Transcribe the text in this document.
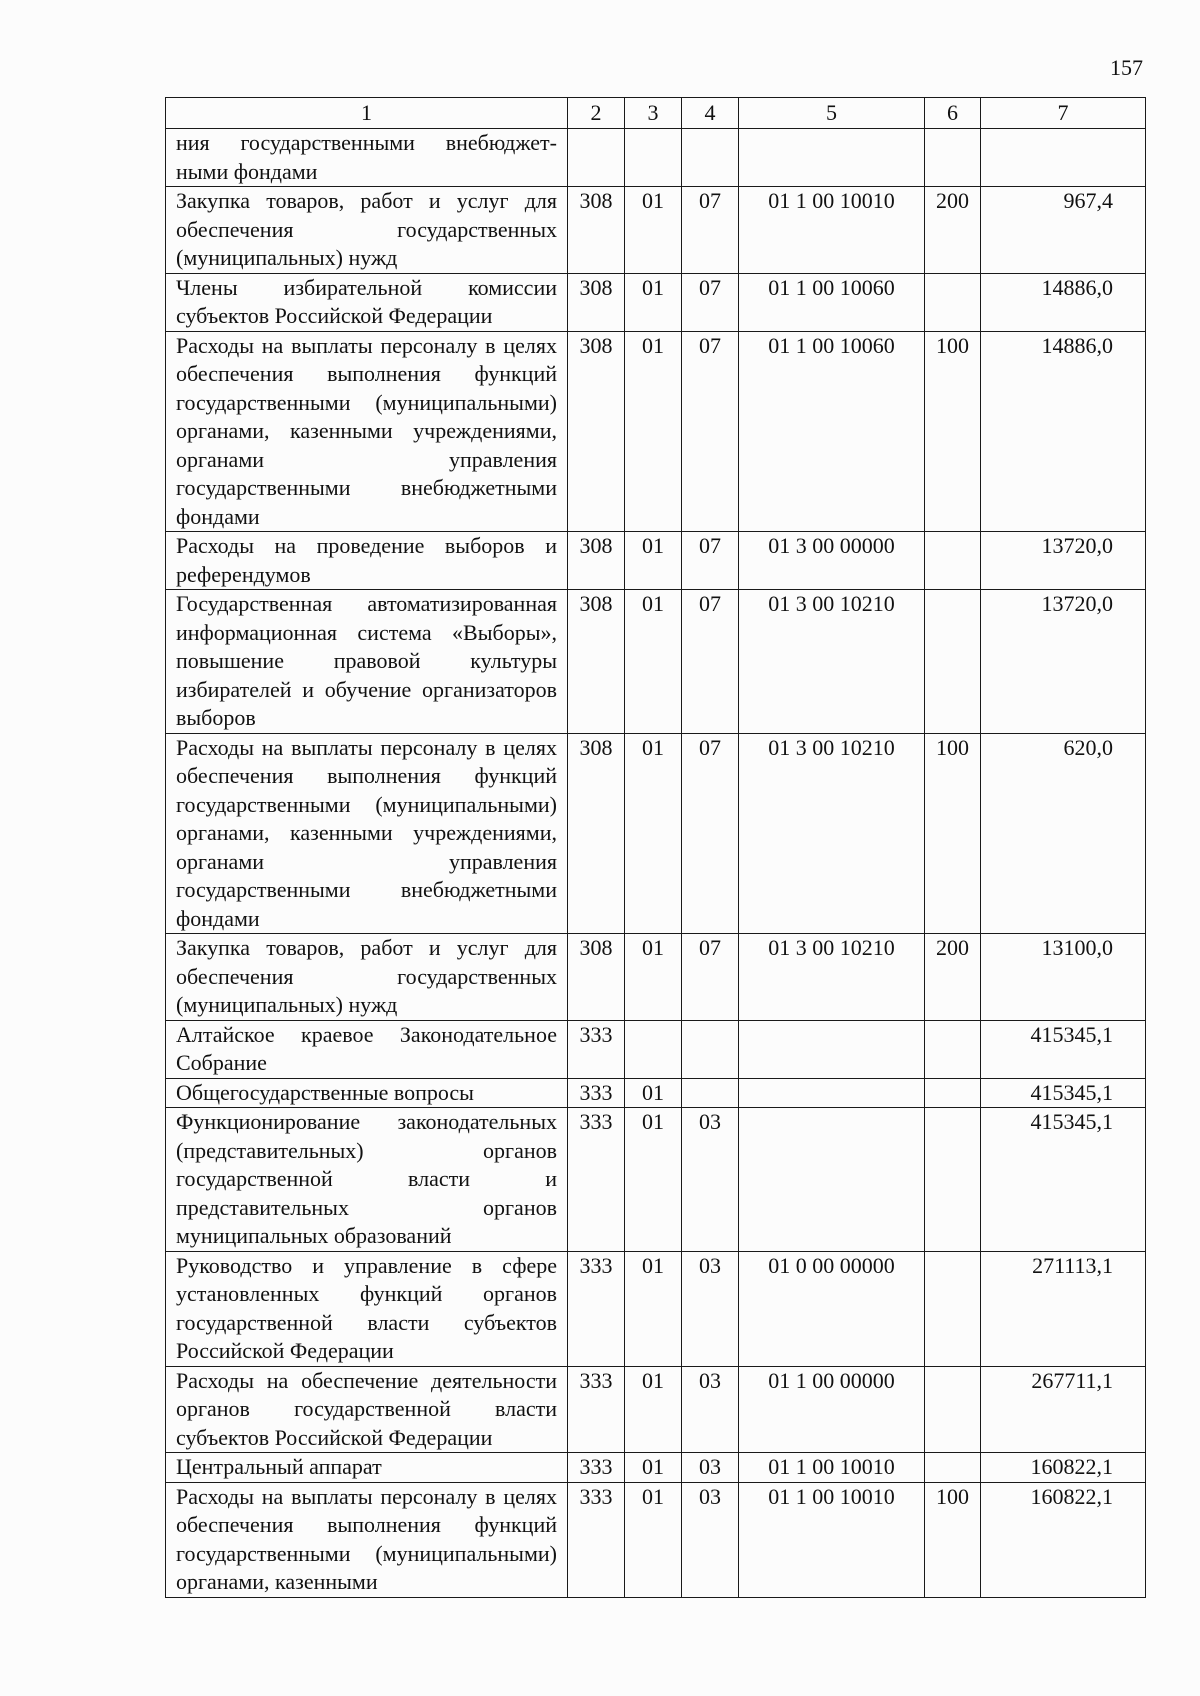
157
1	2	3	4	5	6	7
ния государственными внебюджет-ными фондами						
Закупка товаров, работ и услуг для обеспечения государственных (муниципальных) нужд	308	01	07	01 1 00 10010	200	967,4
Члены избирательной комиссии субъектов Российской Федерации	308	01	07	01 1 00 10060		14886,0
Расходы на выплаты персоналу в целях обеспечения выполнения функций государственными (муниципальными) органами, казенными учреждениями, органами управления государственными внебюджетными фондами	308	01	07	01 1 00 10060	100	14886,0
Расходы на проведение выборов и референдумов	308	01	07	01 3 00 00000		13720,0
Государственная автоматизированная информационная система «Выборы», повышение правовой культуры избирателей и обучение организаторов выборов	308	01	07	01 3 00 10210		13720,0
Расходы на выплаты персоналу в целях обеспечения выполнения функций государственными (муниципальными) органами, казенными учреждениями, органами управления государственными внебюджетными фондами	308	01	07	01 3 00 10210	100	620,0
Закупка товаров, работ и услуг для обеспечения государственных (муниципальных) нужд	308	01	07	01 3 00 10210	200	13100,0
Алтайское краевое Законодательное Собрание	333					415345,1
Общегосударственные вопросы	333	01				415345,1
Функционирование законодательных (представительных) органов государственной власти и представительных органов муниципальных образований	333	01	03			415345,1
Руководство и управление в сфере установленных функций органов государственной власти субъектов Российской Федерации	333	01	03	01 0 00 00000		271113,1
Расходы на обеспечение деятельности органов государственной власти субъектов Российской Федерации	333	01	03	01 1 00 00000		267711,1
Центральный аппарат	333	01	03	01 1 00 10010		160822,1
Расходы на выплаты персоналу в целях обеспечения выполнения функций государственными (муниципальными) органами, казенными	333	01	03	01 1 00 10010	100	160822,1
